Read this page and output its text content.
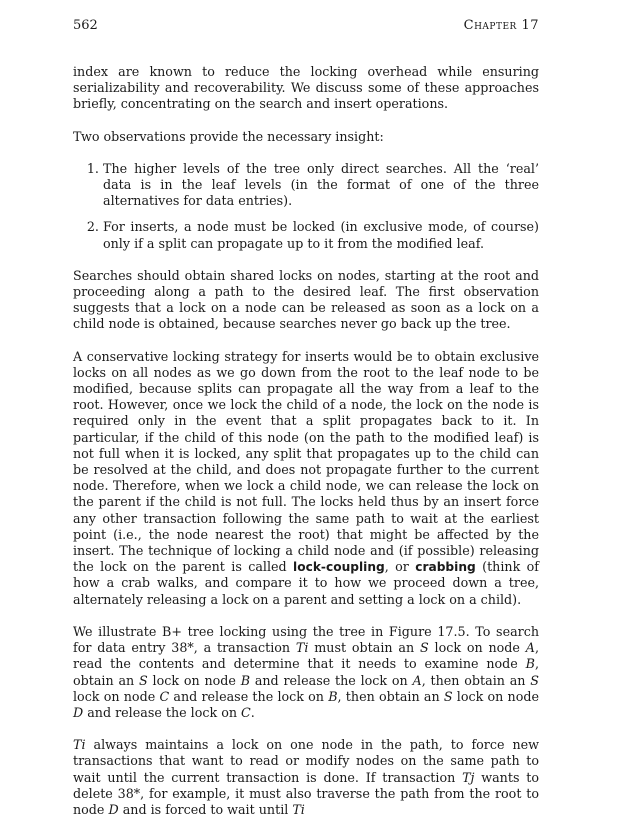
562	Chapter 17

index are known to reduce the locking overhead while ensuring serializability and recoverability. We discuss some of these approaches briefly, concentrating on the search and insert operations.

Two observations provide the necessary insight:

1. The higher levels of the tree only direct searches. All the ‘real’ data is in the leaf levels (in the format of one of the three alternatives for data entries).
2. For inserts, a node must be locked (in exclusive mode, of course) only if a split can propagate up to it from the modified leaf.

Searches should obtain shared locks on nodes, starting at the root and proceeding along a path to the desired leaf. The first observation suggests that a lock on a node can be released as soon as a lock on a child node is obtained, because searches never go back up the tree.

A conservative locking strategy for inserts would be to obtain exclusive locks on all nodes as we go down from the root to the leaf node to be modified, because splits can propagate all the way from a leaf to the root. However, once we lock the child of a node, the lock on the node is required only in the event that a split propagates back to it. In particular, if the child of this node (on the path to the modified leaf) is not full when it is locked, any split that propagates up to the child can be resolved at the child, and does not propagate further to the current node. Therefore, when we lock a child node, we can release the lock on the parent if the child is not full. The locks held thus by an insert force any other transaction following the same path to wait at the earliest point (i.e., the node nearest the root) that might be affected by the insert. The technique of locking a child node and (if possible) releasing the lock on the parent is called lock-coupling, or crabbing (think of how a crab walks, and compare it to how we proceed down a tree, alternately releasing a lock on a parent and setting a lock on a child).

We illustrate B+ tree locking using the tree in Figure 17.5. To search for data entry 38*, a transaction Ti must obtain an S lock on node A, read the contents and determine that it needs to examine node B, obtain an S lock on node B and release the lock on A, then obtain an S lock on node C and release the lock on B, then obtain an S lock on node D and release the lock on C.

Ti always maintains a lock on one node in the path, to force new transactions that want to read or modify nodes on the same path to wait until the current transaction is done. If transaction Tj wants to delete 38*, for example, it must also traverse the path from the root to node D and is forced to wait until Ti
